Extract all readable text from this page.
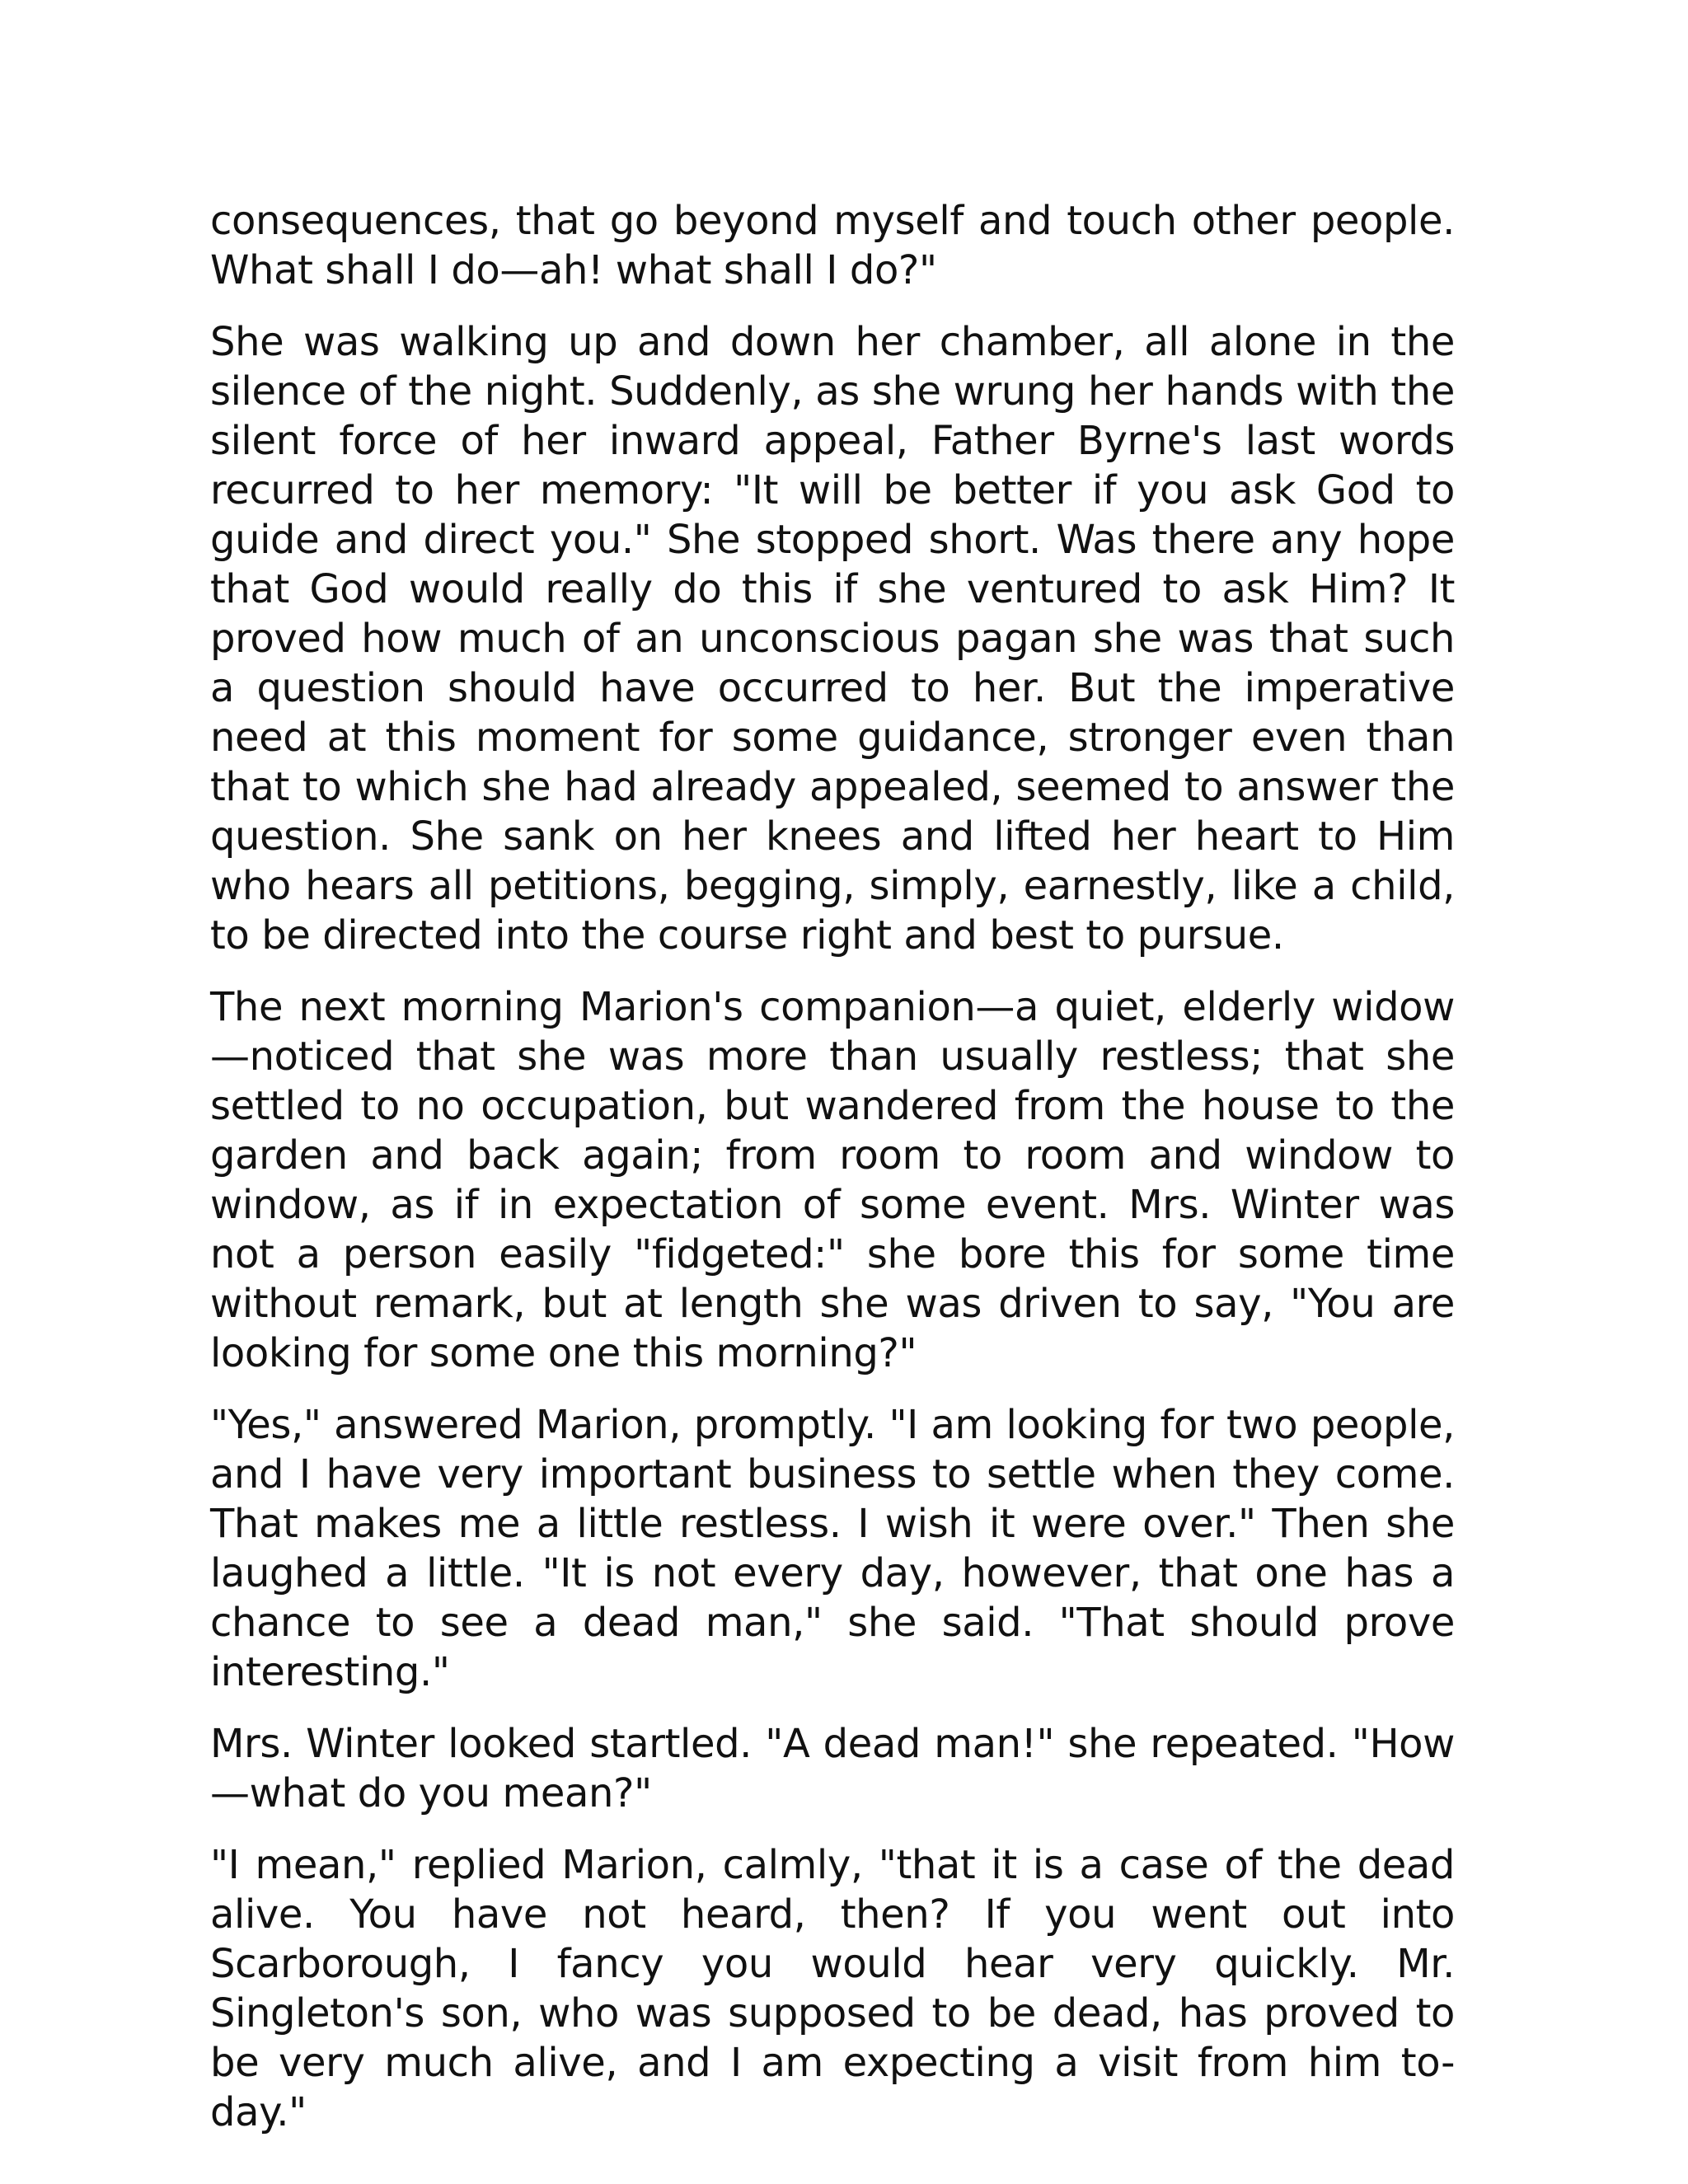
consequences, that go beyond myself and touch other people. What shall I do—ah! what shall I do?"

She was walking up and down her chamber, all alone in the silence of the night. Suddenly, as she wrung her hands with the silent force of her inward appeal, Father Byrne's last words recurred to her memory: "It will be better if you ask God to guide and direct you." She stopped short. Was there any hope that God would really do this if she ventured to ask Him? It proved how much of an unconscious pagan she was that such a question should have occurred to her. But the imperative need at this moment for some guidance, stronger even than that to which she had already appealed, seemed to answer the question. She sank on her knees and lifted her heart to Him who hears all petitions, begging, simply, earnestly, like a child, to be directed into the course right and best to pursue.

The next morning Marion's companion—a quiet, elderly widow—noticed that she was more than usually restless; that she settled to no occupation, but wandered from the house to the garden and back again; from room to room and window to window, as if in expectation of some event. Mrs. Winter was not a person easily "fidgeted:" she bore this for some time without remark, but at length she was driven to say, "You are looking for some one this morning?"

"Yes," answered Marion, promptly. "I am looking for two people, and I have very important business to settle when they come. That makes me a little restless. I wish it were over." Then she laughed a little. "It is not every day, however, that one has a chance to see a dead man," she said. "That should prove interesting."

Mrs. Winter looked startled. "A dead man!" she repeated. "How—what do you mean?"

"I mean," replied Marion, calmly, "that it is a case of the dead alive. You have not heard, then? If you went out into Scarborough, I fancy you would hear very quickly. Mr. Singleton's son, who was supposed to be dead, has proved to be very much alive, and I am expecting a visit from him to-day."
